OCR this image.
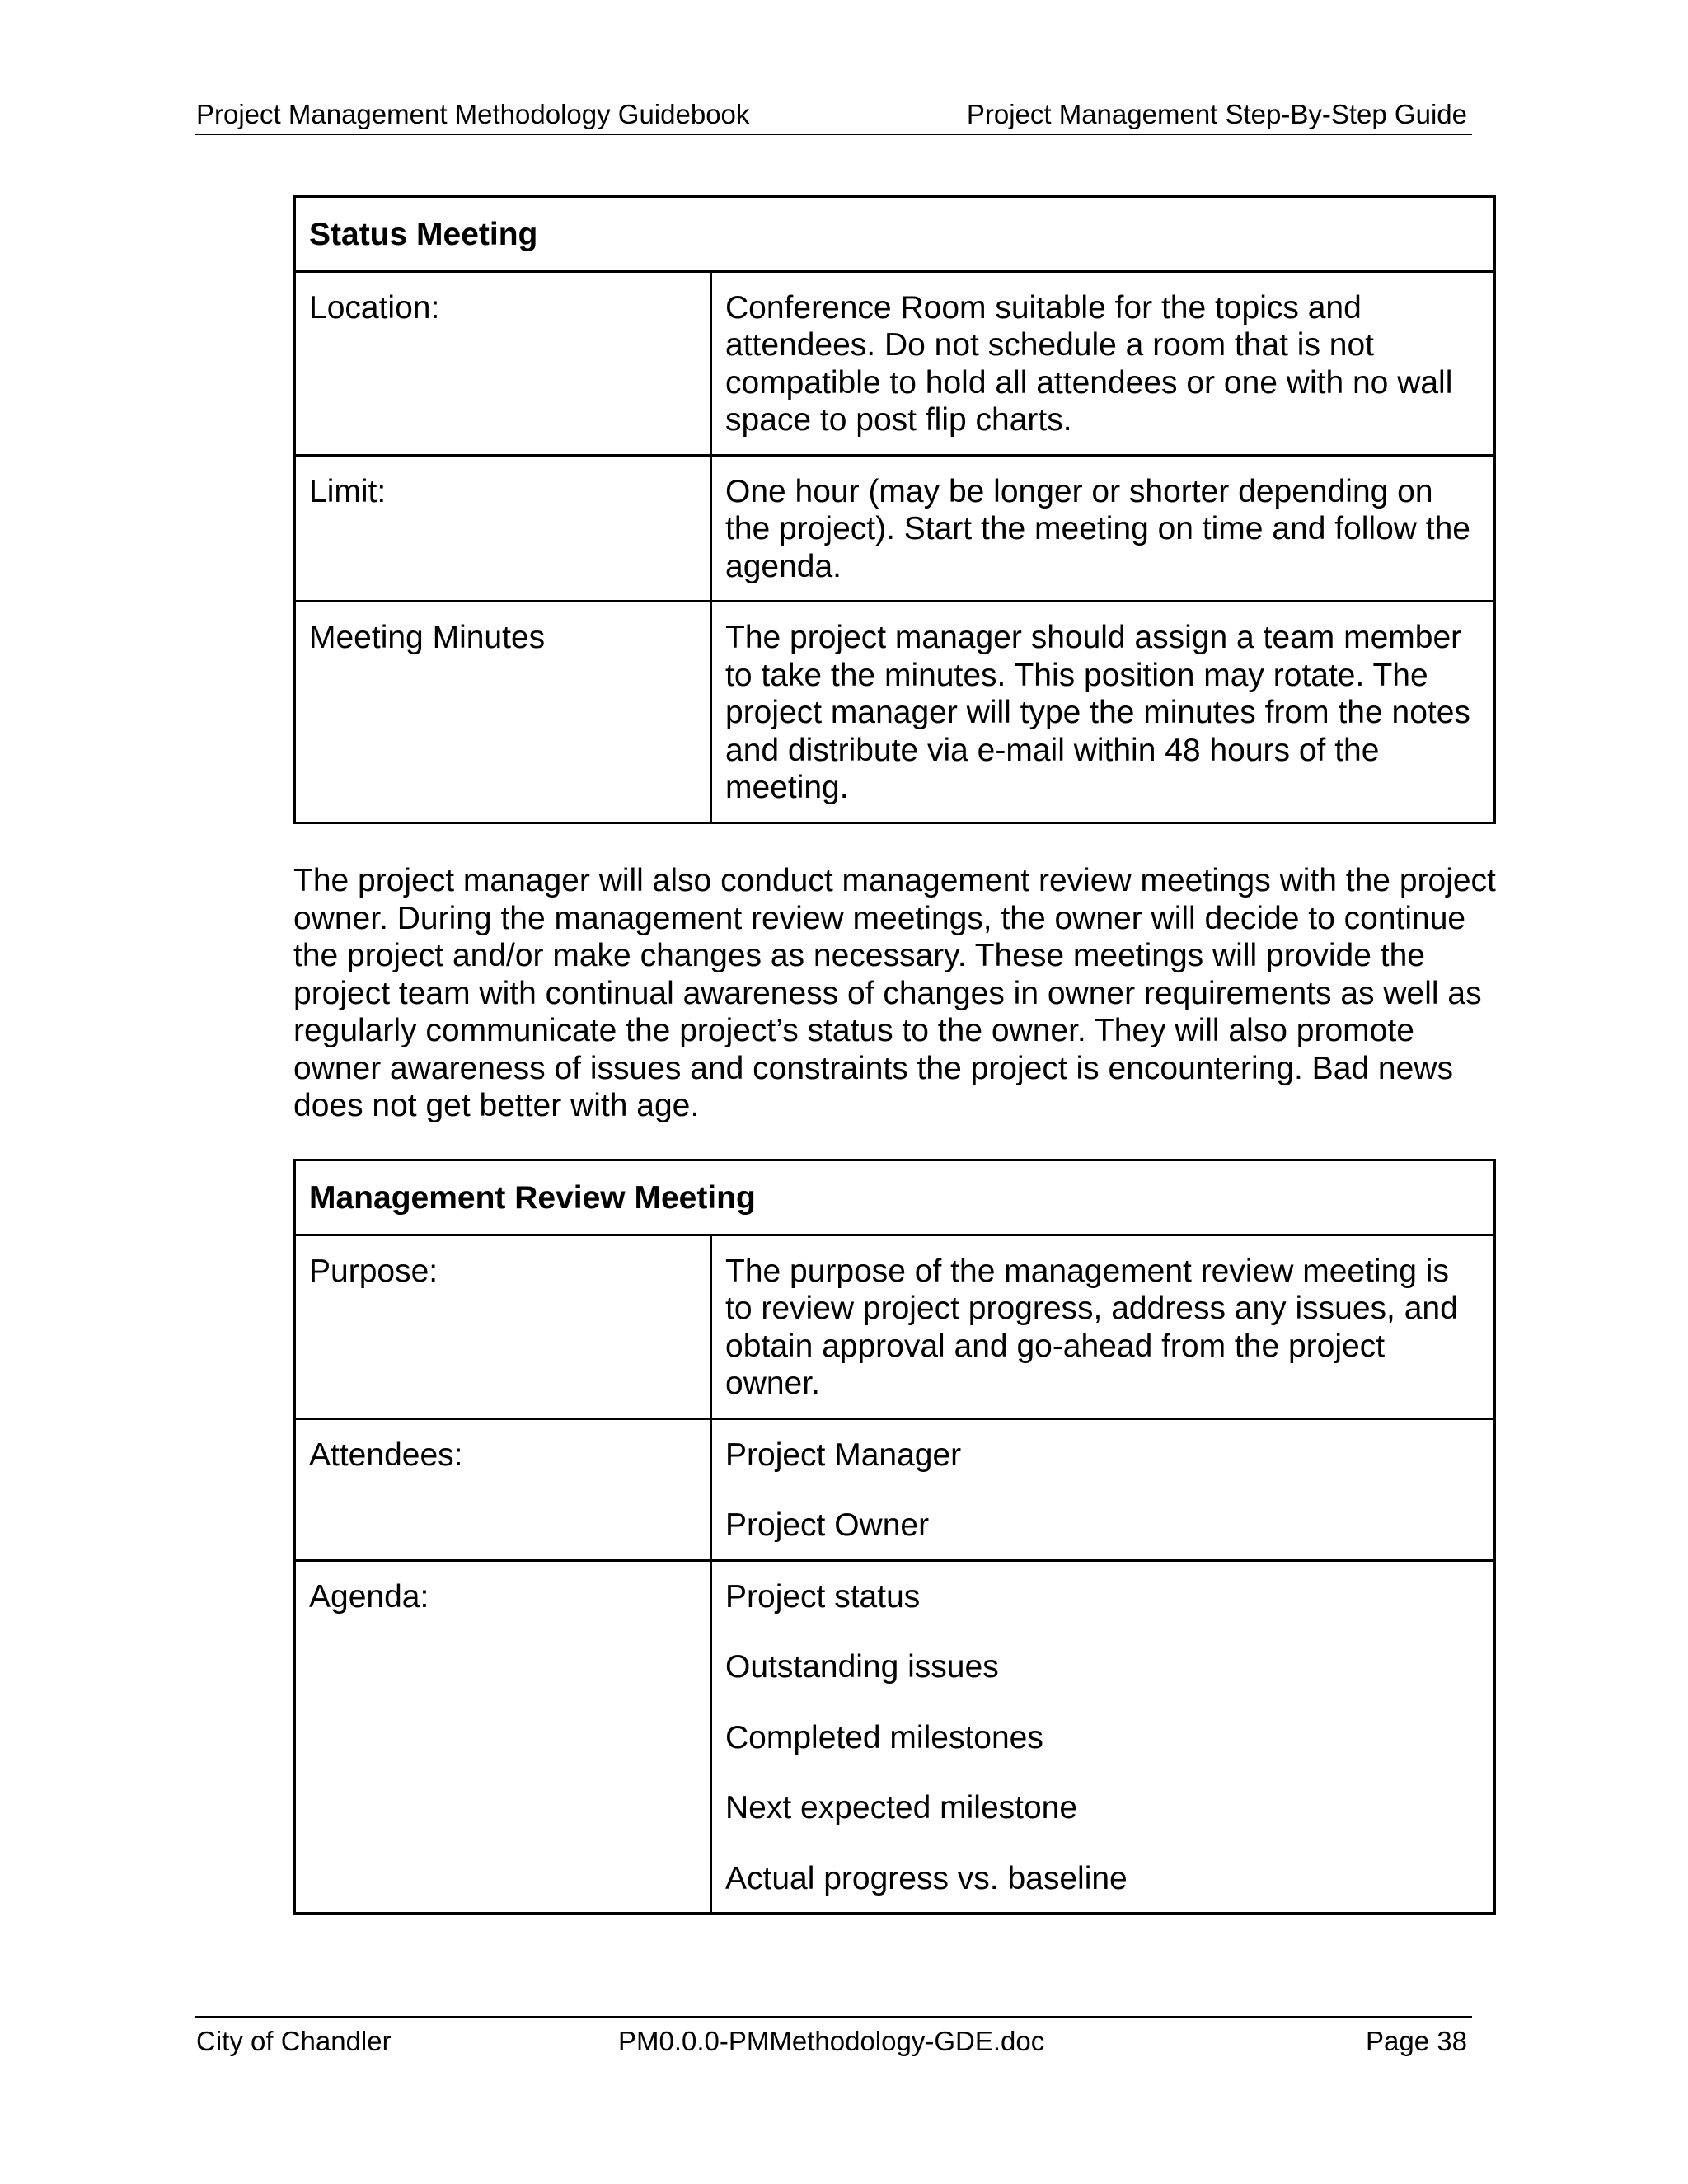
Project Management Methodology Guidebook	Project Management Step-By-Step Guide
Status Meeting	
Location:	Conference Room suitable for the topics and attendees. Do not schedule a room that is not compatible to hold all attendees or one with no wall space to post flip charts.
Limit:	One hour (may be longer or shorter depending on the project). Start the meeting on time and follow the agenda.
Meeting Minutes	The project manager should assign a team member to take the minutes. This position may rotate. The project manager will type the minutes from the notes and distribute via e-mail within 48 hours of the meeting.

The project manager will also conduct management review meetings with the project owner. During the management review meetings, the owner will decide to continue the project and/or make changes as necessary. These meetings will provide the project team with continual awareness of changes in owner requirements as well as regularly communicate the project’s status to the owner. They will also promote owner awareness of issues and constraints the project is encountering. Bad news does not get better with age.

Management Review Meeting	
Purpose:	The purpose of the management review meeting is to review project progress, address any issues, and obtain approval and go-ahead from the project owner.
Attendees:	Project Manager
Project Owner

Agenda:	Project status
Outstanding issues
Completed milestones
Next expected milestone
Actual progress vs. baseline
City of Chandler	PM0.0.0-PMMethodology-GDE.doc	Page 38
